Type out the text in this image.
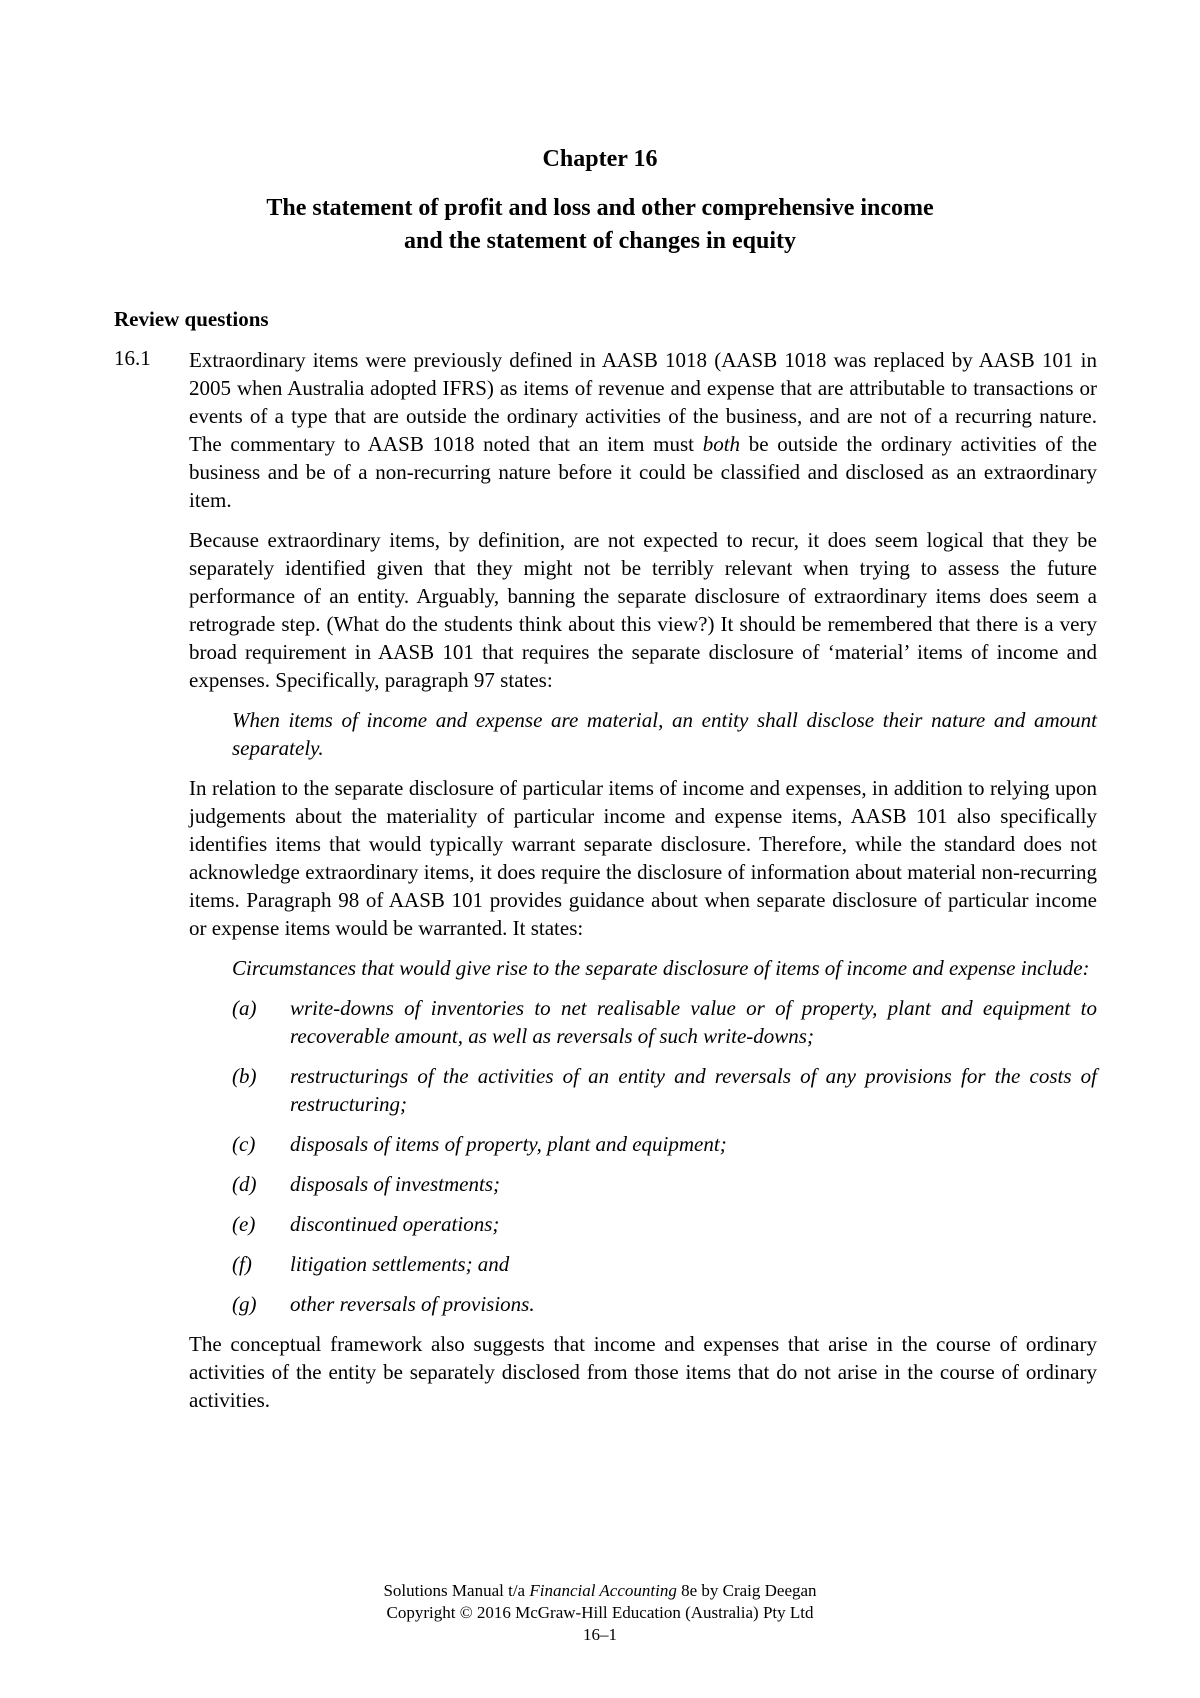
Chapter 16
The statement of profit and loss and other comprehensive income
and the statement of changes in equity
Review questions
16.1 Extraordinary items were previously defined in AASB 1018 (AASB 1018 was replaced by AASB 101 in 2005 when Australia adopted IFRS) as items of revenue and expense that are attributable to transactions or events of a type that are outside the ordinary activities of the business, and are not of a recurring nature. The commentary to AASB 1018 noted that an item must both be outside the ordinary activities of the business and be of a non-recurring nature before it could be classified and disclosed as an extraordinary item.

Because extraordinary items, by definition, are not expected to recur, it does seem logical that they be separately identified given that they might not be terribly relevant when trying to assess the future performance of an entity. Arguably, banning the separate disclosure of extraordinary items does seem a retrograde step. (What do the students think about this view?) It should be remembered that there is a very broad requirement in AASB 101 that requires the separate disclosure of ‘material’ items of income and expenses. Specifically, paragraph 97 states:

When items of income and expense are material, an entity shall disclose their nature and amount separately.

In relation to the separate disclosure of particular items of income and expenses, in addition to relying upon judgements about the materiality of particular income and expense items, AASB 101 also specifically identifies items that would typically warrant separate disclosure. Therefore, while the standard does not acknowledge extraordinary items, it does require the disclosure of information about material non-recurring items. Paragraph 98 of AASB 101 provides guidance about when separate disclosure of particular income or expense items would be warranted. It states:

Circumstances that would give rise to the separate disclosure of items of income and expense include:
(a)	write-downs of inventories to net realisable value or of property, plant and equipment to recoverable amount, as well as reversals of such write-downs;
(b)	restructurings of the activities of an entity and reversals of any provisions for the costs of restructuring;
(c)	disposals of items of property, plant and equipment;
(d)	disposals of investments;
(e)	discontinued operations;
(f)	litigation settlements; and
(g)	other reversals of provisions.

The conceptual framework also suggests that income and expenses that arise in the course of ordinary activities of the entity be separately disclosed from those items that do not arise in the course of ordinary activities.

Solutions Manual t/a Financial Accounting 8e by Craig Deegan
Copyright © 2016 McGraw-Hill Education (Australia) Pty Ltd
16–1
